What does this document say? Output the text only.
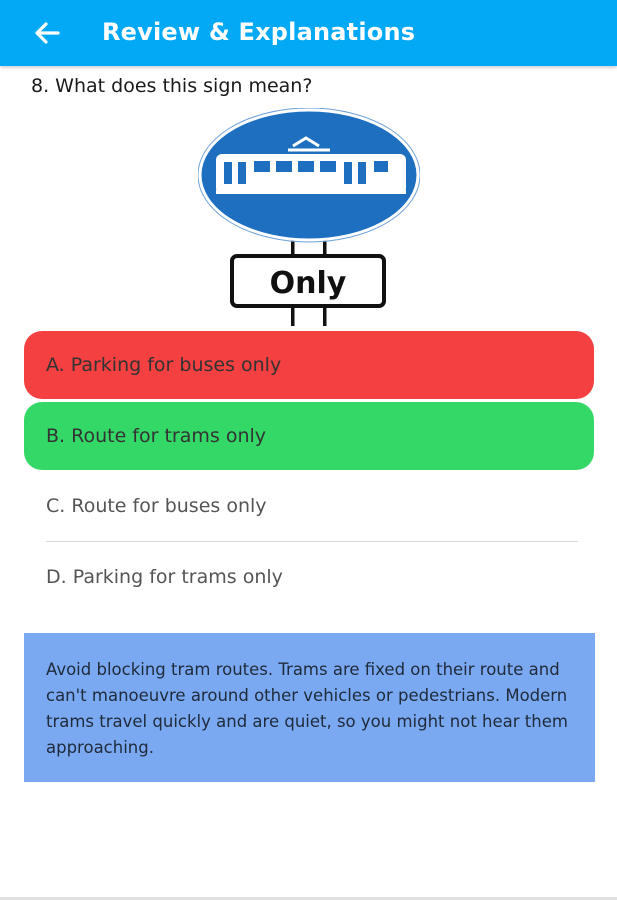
Review & Explanations
8. What does this sign mean?
Only
A. Parking for buses only
B. Route for trams only
C. Route for buses only
D. Parking for trams only
Avoid blocking tram routes. Trams are fixed on their route and can't manoeuvre around other vehicles or pedestrians. Modern trams travel quickly and are quiet, so you might not hear them approaching.
